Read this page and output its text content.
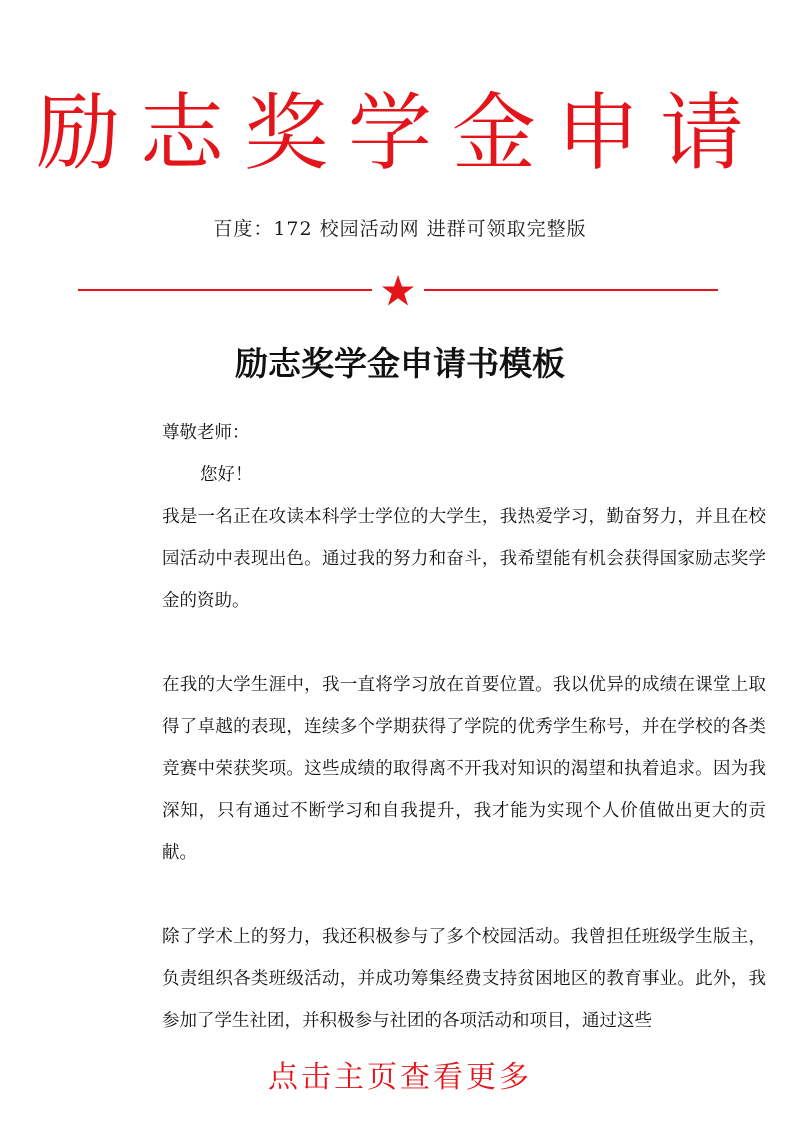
励志奖学金申请
百度：172 校园活动网 进群可领取完整版
励志奖学金申请书模板

尊敬老师：

您好！

我是一名正在攻读本科学士学位的大学生，我热爱学习，勤奋努力，并且在校园活动中表现出色。通过我的努力和奋斗，我希望能有机会获得国家励志奖学金的资助。

在我的大学生涯中，我一直将学习放在首要位置。我以优异的成绩在课堂上取得了卓越的表现，连续多个学期获得了学院的优秀学生称号，并在学校的各类竞赛中荣获奖项。这些成绩的取得离不开我对知识的渴望和执着追求。因为我深知，只有通过不断学习和自我提升，我才能为实现个人价值做出更大的贡献。

除了学术上的努力，我还积极参与了多个校园活动。我曾担任班级学生版主，负责组织各类班级活动，并成功筹集经费支持贫困地区的教育事业。此外，我参加了学生社团，并积极参与社团的各项活动和项目，通过这些

点击主页查看更多
